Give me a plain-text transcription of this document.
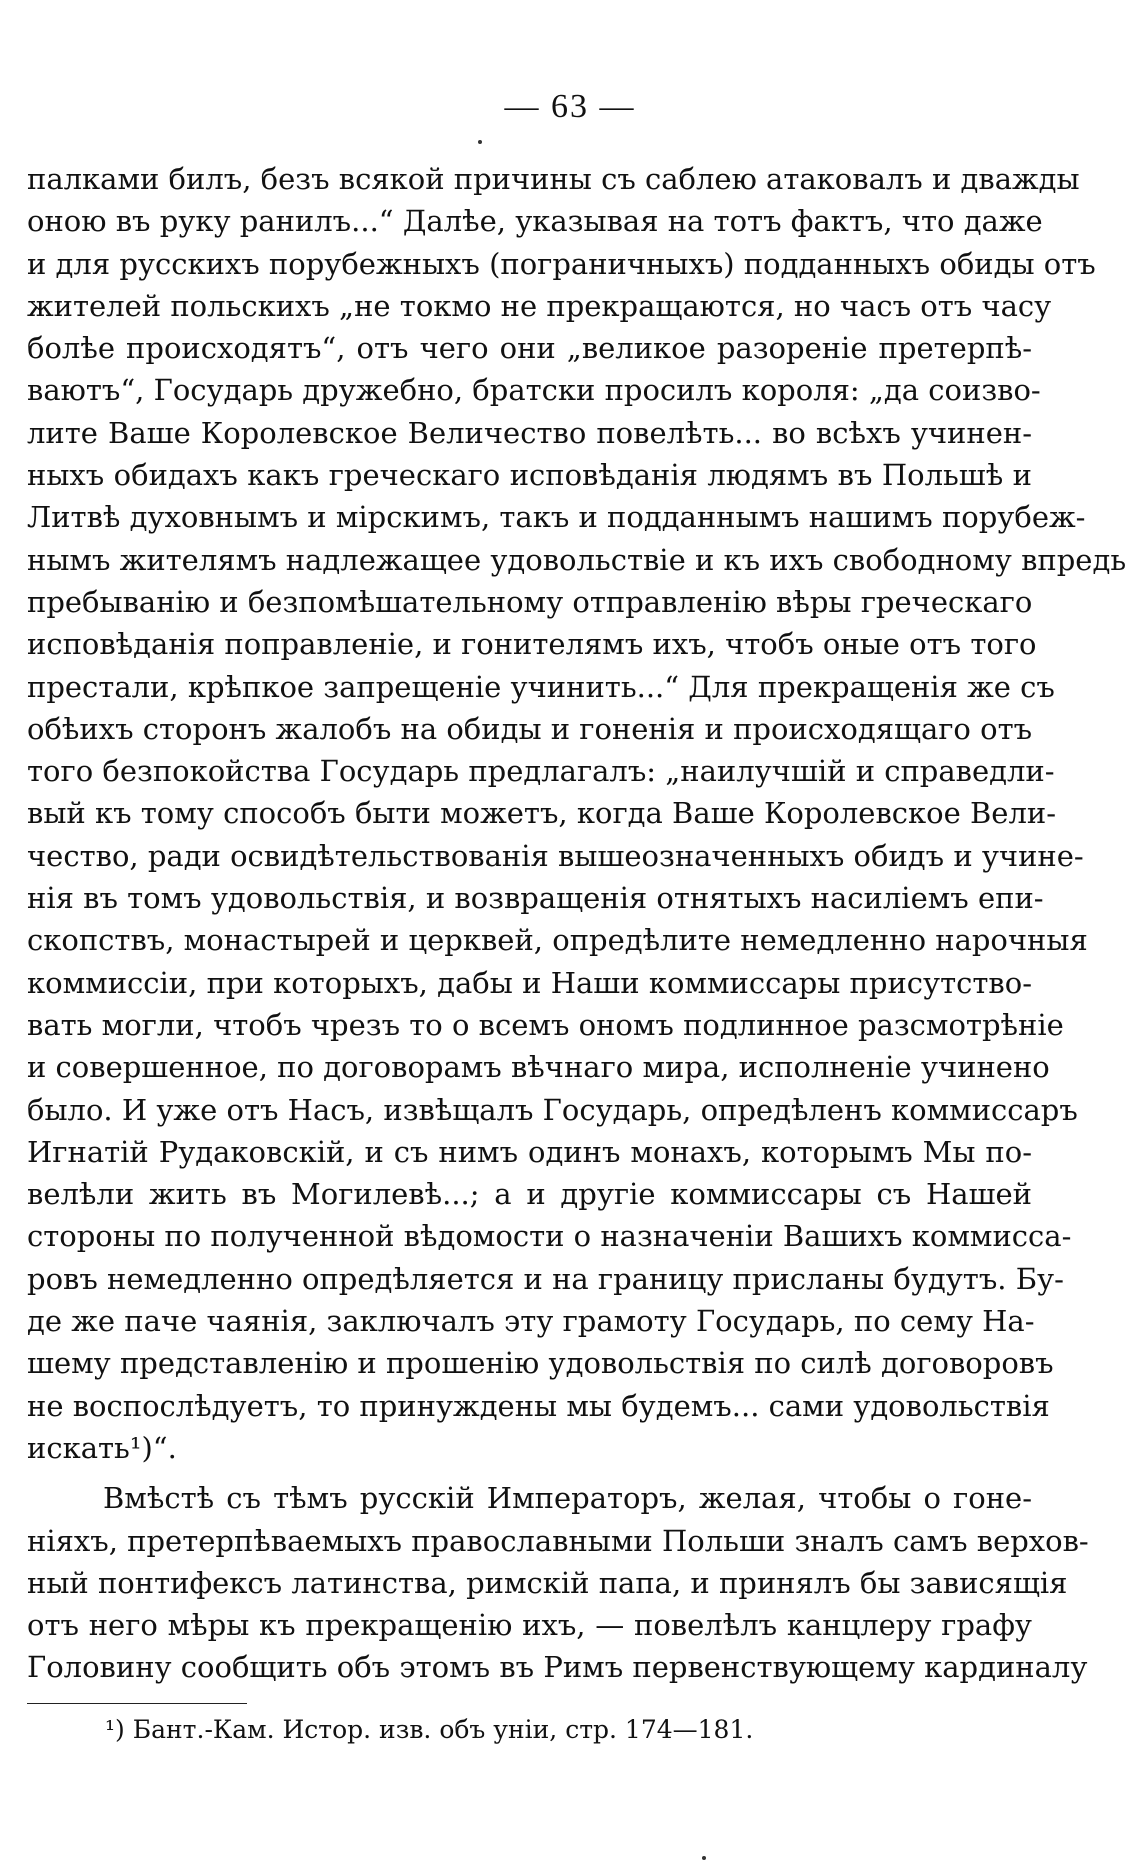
— 63 —
палками билъ, безъ всякой причины съ саблею атаковалъ и дважды
оною въ руку ранилъ...“ Далѣе, указывая на тотъ фактъ, что даже
и для русскихъ порубежныхъ (пограничныхъ) подданныхъ обиды отъ
жителей польскихъ „не токмо не прекращаются, но часъ отъ часу
болѣе происходятъ“, отъ чего они „великое разореніе претерпѣ-
ваютъ“, Государь дружебно, братски просилъ короля: „да соизво-
лите Ваше Королевское Величество повелѣть... во всѣхъ учинен-
ныхъ обидахъ какъ греческаго исповѣданія людямъ въ Польшѣ и
Литвѣ духовнымъ и мірскимъ, такъ и подданнымъ нашимъ порубеж-
нымъ жителямъ надлежащее удовольствіе и къ ихъ свободному впредь
пребыванію и безпомѣшательному отправленію вѣры греческаго
исповѣданія поправленіе, и гонителямъ ихъ, чтобъ оные отъ того
престали, крѣпкое запрещеніе учинить...“ Для прекращенія же съ
обѣихъ сторонъ жалобъ на обиды и гоненія и происходящаго отъ
того безпокойства Государь предлагалъ: „наилучшій и справедли-
вый къ тому способъ быти можетъ, когда Ваше Королевское Вели-
чество, ради освидѣтельствованія вышеозначенныхъ обидъ и учине-
нія въ томъ удовольствія, и возвращенія отнятыхъ насиліемъ епи-
скопствъ, монастырей и церквей, опредѣлите немедленно нарочныя
коммиссіи, при которыхъ, дабы и Наши коммиссары присутство-
вать могли, чтобъ чрезъ то о всемъ ономъ подлинное разсмотрѣніе
и совершенное, по договорамъ вѣчнаго мира, исполненіе учинено
было. И уже отъ Насъ, извѣщалъ Государь, опредѣленъ коммиссаръ
Игнатій Рудаковскій, и съ нимъ одинъ монахъ, которымъ Мы по-
велѣли жить въ Могилевѣ...; а и другіе коммиссары съ Нашей
стороны по полученной вѣдомости о назначеніи Вашихъ коммисса-
ровъ немедленно опредѣляется и на границу присланы будутъ. Бу-
де же паче чаянія, заключалъ эту грамоту Государь, по сему На-
шему представленію и прошенію удовольствія по силѣ договоровъ
не воспослѣдуетъ, то принуждены мы будемъ... сами удовольствія
искать¹)“.
Вмѣстѣ съ тѣмъ русскій Императоръ, желая, чтобы о гоне-
ніяхъ, претерпѣваемыхъ православными Польши зналъ самъ верхов-
ный понтифексъ латинства, римскій папа, и принялъ бы зависящія
отъ него мѣры къ прекращенію ихъ, — повелѣлъ канцлеру графу
Головину сообщить объ этомъ въ Римъ первенствующему кардиналу
¹) Бант.-Кам. Истор. изв. объ уніи, стр. 174—181.
